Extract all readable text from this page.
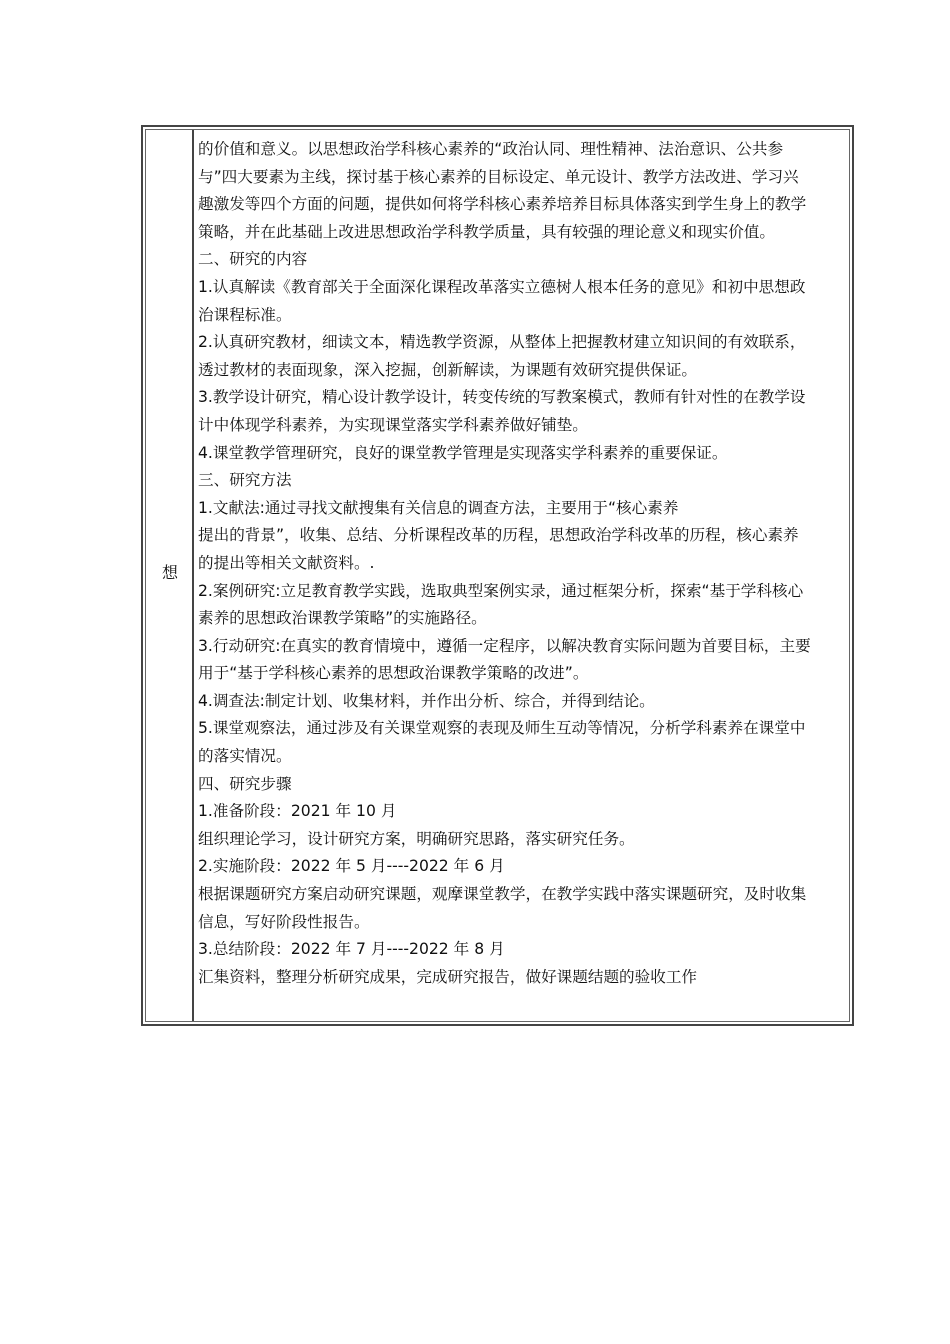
想

的价值和意义。以思想政治学科核心素养的“政治认同、理性精神、法治意识、公共参

与”四大要素为主线，探讨基于核心素养的目标设定、单元设计、教学方法改进、学习兴

趣激发等四个方面的问题，提供如何将学科核心素养培养目标具体落实到学生身上的教学

策略，并在此基础上改进思想政治学科教学质量，具有较强的理论意义和现实价值。

二、研究的内容

1.认真解读《教育部关于全面深化课程改革落实立德树人根本任务的意见》和初中思想政

治课程标准。

2.认真研究教材，细读文本，精选教学资源，从整体上把握教材建立知识间的有效联系，

透过教材的表面现象，深入挖掘，创新解读，为课题有效研究提供保证。

3.教学设计研究，精心设计教学设计，转变传统的写教案模式，教师有针对性的在教学设

计中体现学科素养，为实现课堂落实学科素养做好铺垫。

4.课堂教学管理研究，良好的课堂教学管理是实现落实学科素养的重要保证。

三、研究方法

1.文献法:通过寻找文献搜集有关信息的调查方法，主要用于“核心素养

提出的背景”，收集、总结、分析课程改革的历程，思想政治学科改革的历程，核心素养

的提出等相关文献资料。.

2.案例研究:立足教育教学实践，选取典型案例实录，通过框架分析，探索“基于学科核心

素养的思想政治课教学策略”的实施路径。

3.行动研究:在真实的教育情境中，遵循一定程序，以解决教育实际问题为首要目标，主要

用于“基于学科核心素养的思想政治课教学策略的改进”。

4.调查法:制定计划、收集材料，并作出分析、综合，并得到结论。

5.课堂观察法，通过涉及有关课堂观察的表现及师生互动等情况，分析学科素养在课堂中

的落实情况。

四、研究步骤

1.准备阶段：2021 年 10 月

组织理论学习，设计研究方案，明确研究思路，落实研究任务。

2.实施阶段：2022 年 5 月----2022 年 6 月

根据课题研究方案启动研究课题，观摩课堂教学，在教学实践中落实课题研究，及时收集

信息，写好阶段性报告。

3.总结阶段：2022 年 7 月----2022 年 8 月

汇集资料，整理分析研究成果，完成研究报告，做好课题结题的验收工作
